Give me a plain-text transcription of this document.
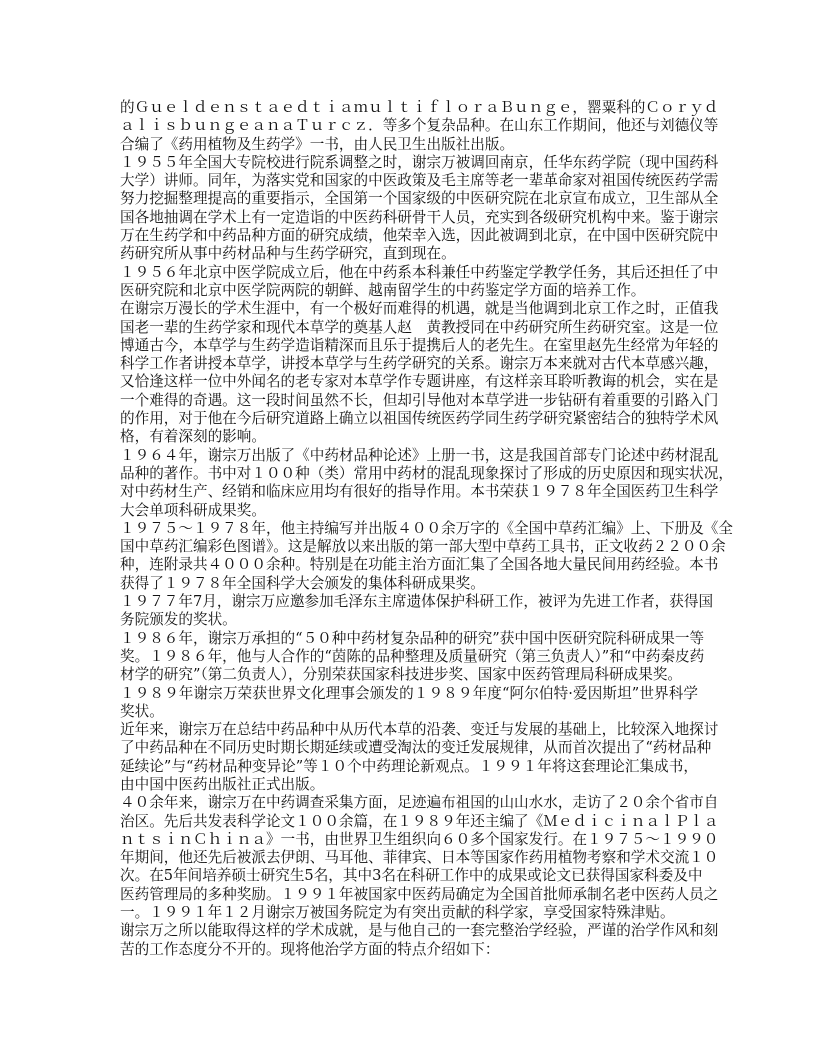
的ＧｕｅｌｄｅｎｓｔａｅｄｔｉａｍｕｌｔｉｆｌｏｒａＢｕｎｇｅ，罂粟科的Ｃｏｒｙｄ
ａｌｉｓｂｕｎｇｅａｎａＴｕｒｃｚ．等多个复杂品种。在山东工作期间，他还与刘德仪等
合编了《药用植物及生药学》一书，由人民卫生出版社出版。
１９５５年全国大专院校进行院系调整之时，谢宗万被调回南京，任华东药学院（现中国药科
大学）讲师。同年，为落实党和国家的中医政策及毛主席等老一辈革命家对祖国传统医药学需
努力挖掘整理提高的重要指示，全国第一个国家级的中医研究院在北京宣布成立，卫生部从全
国各地抽调在学术上有一定造诣的中医药科研骨干人员，充实到各级研究机构中来。鉴于谢宗
万在生药学和中药品种方面的研究成绩，他荣幸入选，因此被调到北京，在中国中医研究院中
药研究所从事中药材品种与生药学研究，直到现在。
１９５６年北京中医学院成立后，他在中药系本科兼任中药鉴定学教学任务，其后还担任了中
医研究院和北京中医学院两院的朝鲜、越南留学生的中药鉴定学方面的培养工作。
在谢宗万漫长的学术生涯中，有一个极好而难得的机遇，就是当他调到北京工作之时，正值我
国老一辈的生药学家和现代本草学的奠基人赵　黄教授同在中药研究所生药研究室。这是一位
博通古今，本草学与生药学造诣精深而且乐于提携后人的老先生。在室里赵先生经常为年轻的
科学工作者讲授本草学，讲授本草学与生药学研究的关系。谢宗万本来就对古代本草感兴趣，
又恰逢这样一位中外闻名的老专家对本草学作专题讲座，有这样亲耳聆听教诲的机会，实在是
一个难得的奇遇。这一段时间虽然不长，但却引导他对本草学进一步钻研有着重要的引路入门
的作用，对于他在今后研究道路上确立以祖国传统医药学同生药学研究紧密结合的独特学术风
格，有着深刻的影响。
１９６４年，谢宗万出版了《中药材品种论述》上册一书，这是我国首部专门论述中药材混乱
品种的著作。书中对１００种（类）常用中药材的混乱现象探讨了形成的历史原因和现实状况，
对中药材生产、经销和临床应用均有很好的指导作用。本书荣获１９７８年全国医药卫生科学
大会单项科研成果奖。
１９７５～１９７８年，他主持编写并出版４００余万字的《全国中草药汇编》上、下册及《全
国中草药汇编彩色图谱》。这是解放以来出版的第一部大型中草药工具书，正文收药２２００余
种，连附录共４０００余种。特别是在功能主治方面汇集了全国各地大量民间用药经验。本书
获得了１９７８年全国科学大会颁发的集体科研成果奖。
１９７７年7月，谢宗万应邀参加毛泽东主席遗体保护科研工作，被评为先进工作者，获得国
务院颁发的奖状。
１９８６年，谢宗万承担的“５０种中药材复杂品种的研究”获中国中医研究院科研成果一等
奖。１９８６年，他与人合作的“茵陈的品种整理及质量研究（第三负责人）”和“中药秦皮药
材学的研究”（第二负责人），分别荣获国家科技进步奖、国家中医药管理局科研成果奖。
１９８９年谢宗万荣获世界文化理事会颁发的１９８９年度“阿尔伯特·爱因斯坦”世界科学
奖状。
近年来，谢宗万在总结中药品种中从历代本草的沿袭、变迁与发展的基础上，比较深入地探讨
了中药品种在不同历史时期长期延续或遭受淘汰的变迁发展规律，从而首次提出了“药材品种
延续论”与“药材品种变异论”等１０个中药理论新观点。１９９１年将这套理论汇集成书，
由中国中医药出版社正式出版。
４０余年来，谢宗万在中药调查采集方面，足迹遍布祖国的山山水水，走访了２０余个省市自
治区。先后共发表科学论文１００余篇，在１９８９年还主编了《ＭｅｄｉｃｉｎａｌＰｌａ
ｎｔｓｉｎＣｈｉｎａ》一书，由世界卫生组织向６０多个国家发行。在１９７５～１９９０
年期间，他还先后被派去伊朗、马耳他、菲律宾、日本等国家作药用植物考察和学术交流１０
次。在5年间培养硕士研究生5名，其中3名在科研工作中的成果或论文已获得国家科委及中
医药管理局的多种奖励。１９９１年被国家中医药局确定为全国首批师承制名老中医药人员之
一。１９９１年１２月谢宗万被国务院定为有突出贡献的科学家，享受国家特殊津贴。
谢宗万之所以能取得这样的学术成就，是与他自己的一套完整治学经验，严谨的治学作风和刻
苦的工作态度分不开的。现将他治学方面的特点介绍如下：
